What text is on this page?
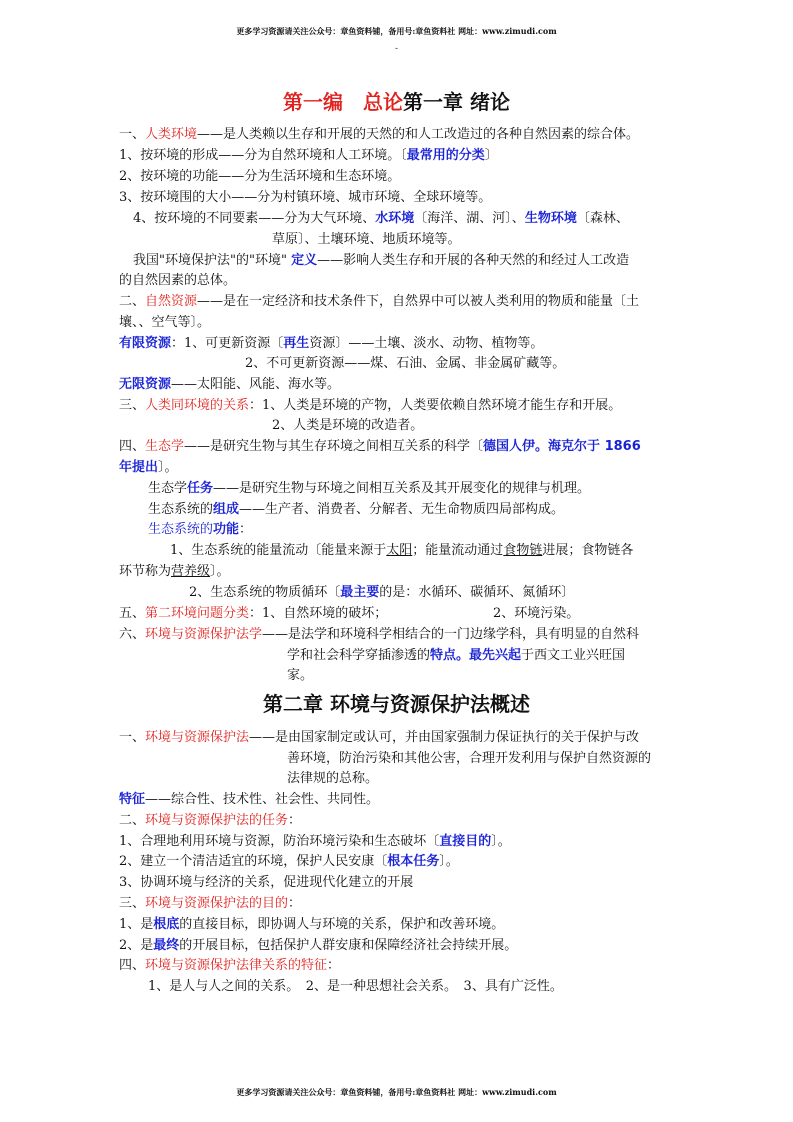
更多学习资源请关注公众号：章鱼资料铺，备用号:章鱼资料社 网址：www.zimudi.com
-
第一编　总论第一章 绪论
一、人类环境——是人类赖以生存和开展的天然的和人工改造过的各种自然因素的综合体。
1、按环境的形成——分为自然环境和人工环境。〔最常用的分类〕
2、按环境的功能——分为生活环境和生态环境。
3、按环境围的大小——分为村镇环境、城市环境、全球环境等。
4、按环境的不同要素——分为大气环境、水环境〔海洋、湖、河〕、生物环境〔森林、
草原〕、土壤环境、地质环境等。
我国"环境保护法"的"环境" 定义——影响人类生存和开展的各种天然的和经过人工改造
的自然因素的总体。
二、自然资源——是在一定经济和技术条件下，自然界中可以被人类利用的物质和能量〔土
壤、、空气等〕。
有限资源：1、可更新资源〔再生资源〕——土壤、淡水、动物、植物等。
2、不可更新资源——煤、石油、金属、非金属矿藏等。
无限资源——太阳能、风能、海水等。
三、人类同环境的关系：1、人类是环境的产物，人类要依赖自然环境才能生存和开展。
2、人类是环境的改造者。
四、生态学——是研究生物与其生存环境之间相互关系的科学〔德国人伊。海克尔于 1866
年提出〕。
生态学任务——是研究生物与环境之间相互关系及其开展变化的规律与机理。
生态系统的组成——生产者、消费者、分解者、无生命物质四局部构成。
生态系统的功能：
1、生态系统的能量流动〔能量来源于太阳；能量流动通过食物链进展；食物链各
环节称为营养级〕。
2、生态系统的物质循环〔最主要的是：水循环、碳循环、氮循环〕
五、第二环境问题分类：1、自然环境的破坏；	2、环境污染。
六、环境与资源保护法学——是法学和环境科学相结合的一门边缘学科，具有明显的自然科
学和社会科学穿插渗透的特点。最先兴起于西文工业兴旺国
家。
第二章 环境与资源保护法概述
一、环境与资源保护法——是由国家制定或认可，并由国家强制力保证执行的关于保护与改
善环境，防治污染和其他公害，合理开发利用与保护自然资源的
法律规的总称。
特征——综合性、技术性、社会性、共同性。
二、环境与资源保护法的任务：
1、合理地利用环境与资源，防治环境污染和生态破坏〔直接目的〕。
2、建立一个清洁适宜的环境，保护人民安康〔根本任务〕。
3、协调环境与经济的关系，促进现代化建立的开展
三、环境与资源保护法的目的：
1、是根底的直接目标，即协调人与环境的关系，保护和改善环境。
2、是最终的开展目标，包括保护人群安康和保障经济社会持续开展。
四、环境与资源保护法律关系的特征：
1、是人与人之间的关系。　2、是一种思想社会关系。　3、具有广泛性。
更多学习资源请关注公众号：章鱼资料铺，备用号:章鱼资料社 网址：www.zimudi.com
